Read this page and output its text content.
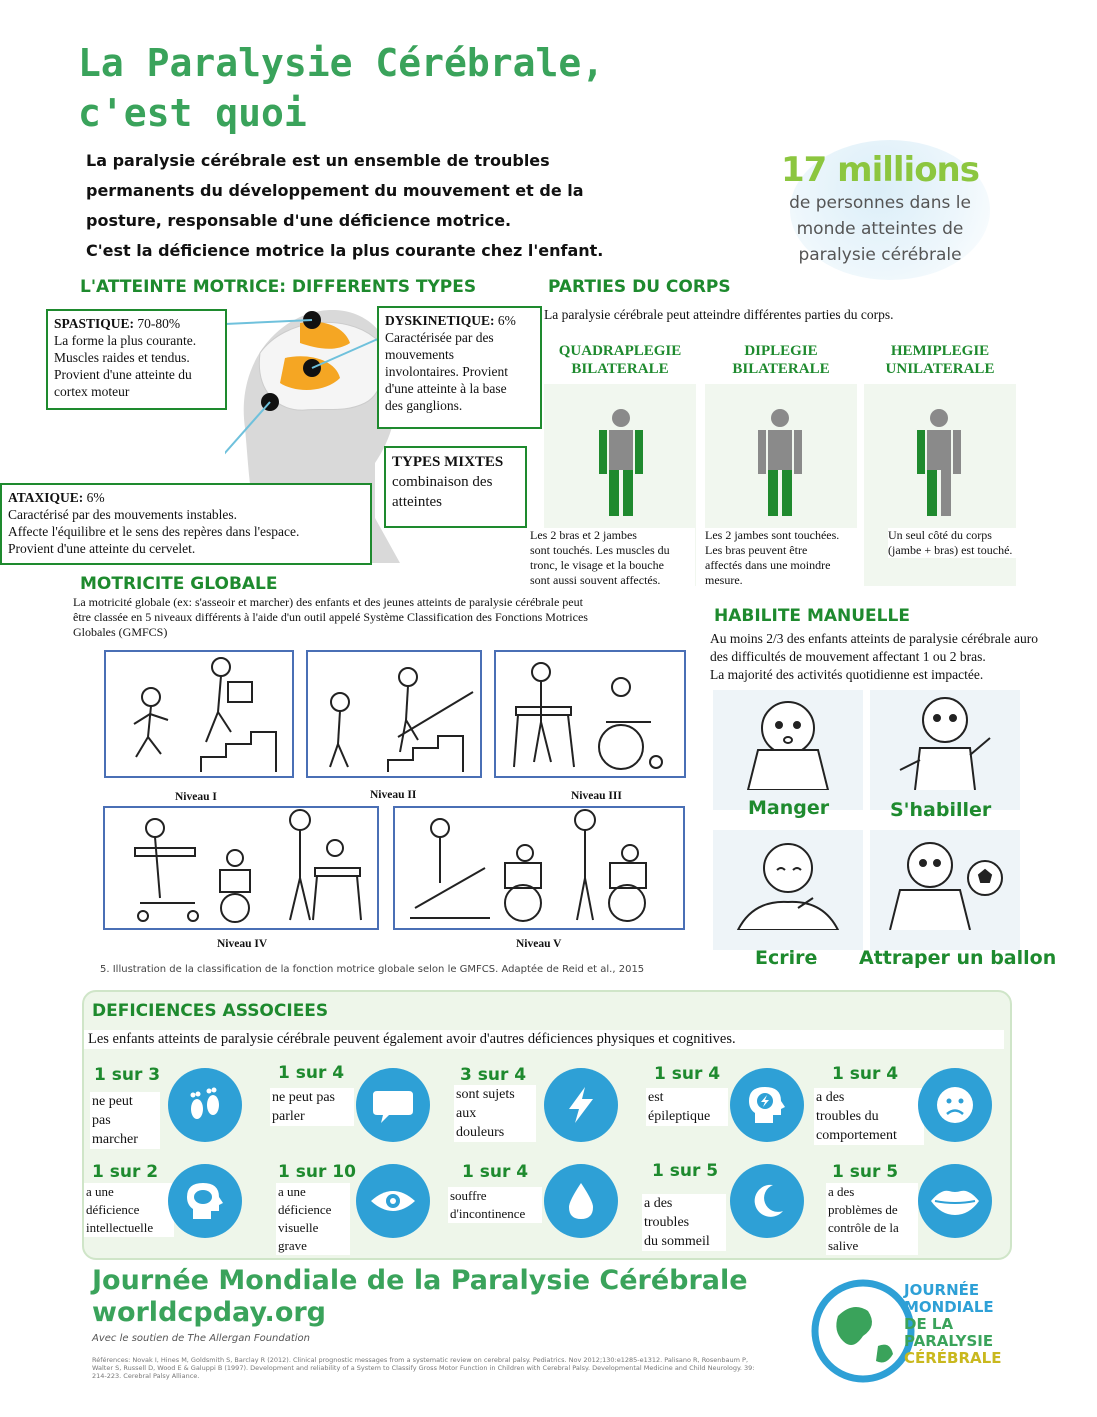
La Paralysie Cérébrale,
c'est quoi
La paralysie cérébrale est un ensemble de troubles
permanents du développement du mouvement et de la
posture, responsable d'une déficience motrice.
C'est la déficience motrice la plus courante chez l'enfant.
17 millions
de personnes dans le
monde atteintes de
paralysie cérébrale
L'ATTEINTE MOTRICE: DIFFERENTS TYPES
SPASTIQUE: 70-80%
La forme la plus courante.
Muscles raides et tendus.
Provient d'une atteinte du
cortex moteur
DYSKINETIQUE: 6%
Caractérisée par des
mouvements
involontaires. Provient
d'une atteinte à la base
des ganglions.
TYPES MIXTES
combinaison des
atteintes
ATAXIQUE: 6%
Caractérisé par des mouvements instables.
Affecte l'équilibre et le sens des repères dans l'espace.
Provient d'une atteinte du cervelet.
PARTIES DU CORPS
La paralysie cérébrale peut atteindre différentes parties du corps.
QUADRAPLEGIE
BILATERALE
Les 2 bras et 2 jambes
sont touchés. Les muscles du
tronc, le visage et la bouche
sont aussi souvent affectés.
DIPLEGIE
BILATERALE
Les 2 jambes sont touchées.
Les bras peuvent être
affectés dans une moindre
mesure.
HEMIPLEGIE
UNILATERALE
Un seul côté du corps
(jambe + bras) est touché.
MOTRICITE GLOBALE
La motricité globale (ex: s'asseoir et marcher) des enfants et des jeunes atteints de paralysie cérébrale peut
être classée en 5 niveaux différents à l'aide d'un outil appelé Système Classification des Fonctions Motrices
Globales (GMFCS)
Niveau I	Niveau II	Niveau III
Niveau IV	Niveau V
5. Illustration de la classification de la fonction motrice globale selon le GMFCS. Adaptée de Reid et al., 2015
HABILITE MANUELLE
Au moins 2/3 des enfants atteints de paralysie cérébrale auro
des difficultés de mouvement affectant 1 ou 2 bras.
La majorité des activités quotidienne est impactée.
Manger	S'habiller
Ecrire Attraper un ballon
DEFICIENCES ASSOCIEES
Les enfants atteints de paralysie cérébrale peuvent également avoir d'autres déficiences physiques et cognitives.
1 sur 3
ne peut
pas
marcher
1 sur 4
ne peut pas
parler
3 sur 4
sont sujets
aux
douleurs
1 sur 4
est
épileptique
1 sur 4
a des
troubles du
comportement
1 sur 2
a une
déficience
intellectuelle
1 sur 10
a une
déficience
visuelle
grave
1 sur 4
souffre
d'incontinence
1 sur 5
a des
troubles
du sommeil
1 sur 5
a des
problèmes de
contrôle de la
salive
Journée Mondiale de la Paralysie Cérébrale
worldcpday.org
Avec le soutien de The Allergan Foundation
Références: Novak I, Hines M, Goldsmith S, Barclay R (2012). Clinical prognostic messages from a systematic review on cerebral palsy. Pediatrics. Nov 2012;130:e1285-e1312. Palisano R, Rosenbaum P, Walter S, Russell D, Wood E & Galuppi B (1997). Development and reliability of a System to Classify Gross Motor Function in Children with Cerebral Palsy. Developmental Medicine and Child Neurology. 39: 214-223. Cerebral Palsy Alliance.
JOURNÉE
MONDIALE
DE LA
PARALYSIE
CÉRÉBRALE
